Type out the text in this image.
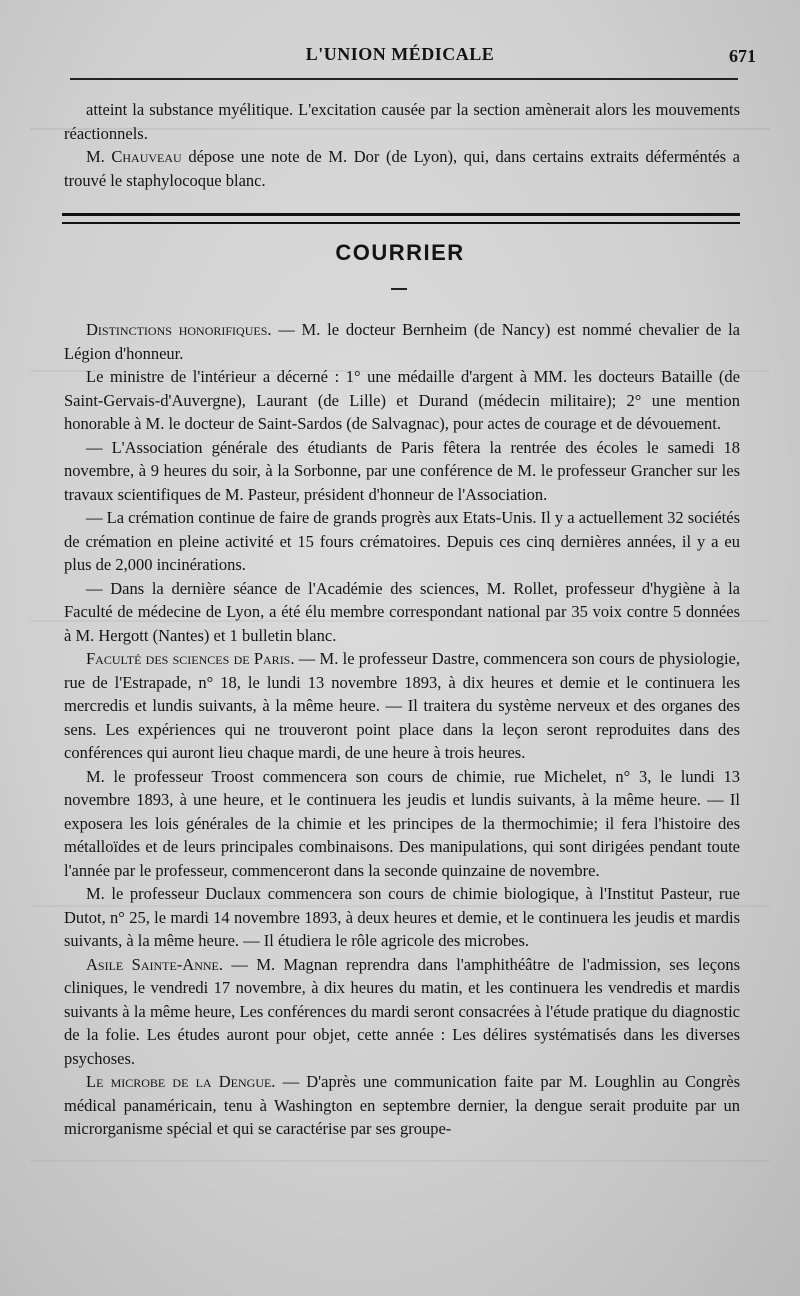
L'UNION MÉDICALE	671

atteint la substance myélitique. L'excitation causée par la section amènerait alors les mouvements réactionnels.

M. Chauveau dépose une note de M. Dor (de Lyon), qui, dans certains extraits déferméntés a trouvé le staphylocoque blanc.

COURRIER

Distinctions honorifiques. — M. le docteur Bernheim (de Nancy) est nommé chevalier de la Légion d'honneur.

Le ministre de l'intérieur a décerné : 1° une médaille d'argent à MM. les docteurs Bataille (de Saint-Gervais-d'Auvergne), Laurant (de Lille) et Durand (médecin militaire); 2° une mention honorable à M. le docteur de Saint-Sardos (de Salvagnac), pour actes de courage et de dévouement.

— L'Association générale des étudiants de Paris fêtera la rentrée des écoles le samedi 18 novembre, à 9 heures du soir, à la Sorbonne, par une conférence de M. le professeur Grancher sur les travaux scientifiques de M. Pasteur, président d'honneur de l'Association.

— La crémation continue de faire de grands progrès aux Etats-Unis. Il y a actuellement 32 sociétés de crémation en pleine activité et 15 fours crématoires. Depuis ces cinq dernières années, il y a eu plus de 2,000 incinérations.

— Dans la dernière séance de l'Académie des sciences, M. Rollet, professeur d'hygiène à la Faculté de médecine de Lyon, a été élu membre correspondant national par 35 voix contre 5 données à M. Hergott (Nantes) et 1 bulletin blanc.

Faculté des sciences de Paris. — M. le professeur Dastre, commencera son cours de physiologie, rue de l'Estrapade, n° 18, le lundi 13 novembre 1893, à dix heures et demie et le continuera les mercredis et lundis suivants, à la même heure. — Il traitera du système nerveux et des organes des sens. Les expériences qui ne trouveront point place dans la leçon seront reproduites dans des conférences qui auront lieu chaque mardi, de une heure à trois heures.

M. le professeur Troost commencera son cours de chimie, rue Michelet, n° 3, le lundi 13 novembre 1893, à une heure, et le continuera les jeudis et lundis suivants, à la même heure. — Il exposera les lois générales de la chimie et les principes de la thermochimie; il fera l'histoire des métalloïdes et de leurs principales combinaisons. Des manipulations, qui sont dirigées pendant toute l'année par le professeur, commenceront dans la seconde quinzaine de novembre.

M. le professeur Duclaux commencera son cours de chimie biologique, à l'Institut Pasteur, rue Dutot, n° 25, le mardi 14 novembre 1893, à deux heures et demie, et le continuera les jeudis et mardis suivants, à la même heure. — Il étudiera le rôle agricole des microbes.

Asile Sainte-Anne. — M. Magnan reprendra dans l'amphithéâtre de l'admission, ses leçons cliniques, le vendredi 17 novembre, à dix heures du matin, et les continuera les vendredis et mardis suivants à la même heure, Les conférences du mardi seront consacrées à l'étude pratique du diagnostic de la folie. Les études auront pour objet, cette année : Les délires systématisés dans les diverses psychoses.

Le microbe de la Dengue. — D'après une communication faite par M. Loughlin au Congrès médical panaméricain, tenu à Washington en septembre dernier, la dengue serait produite par un microrganisme spécial et qui se caractérise par ses groupe-
